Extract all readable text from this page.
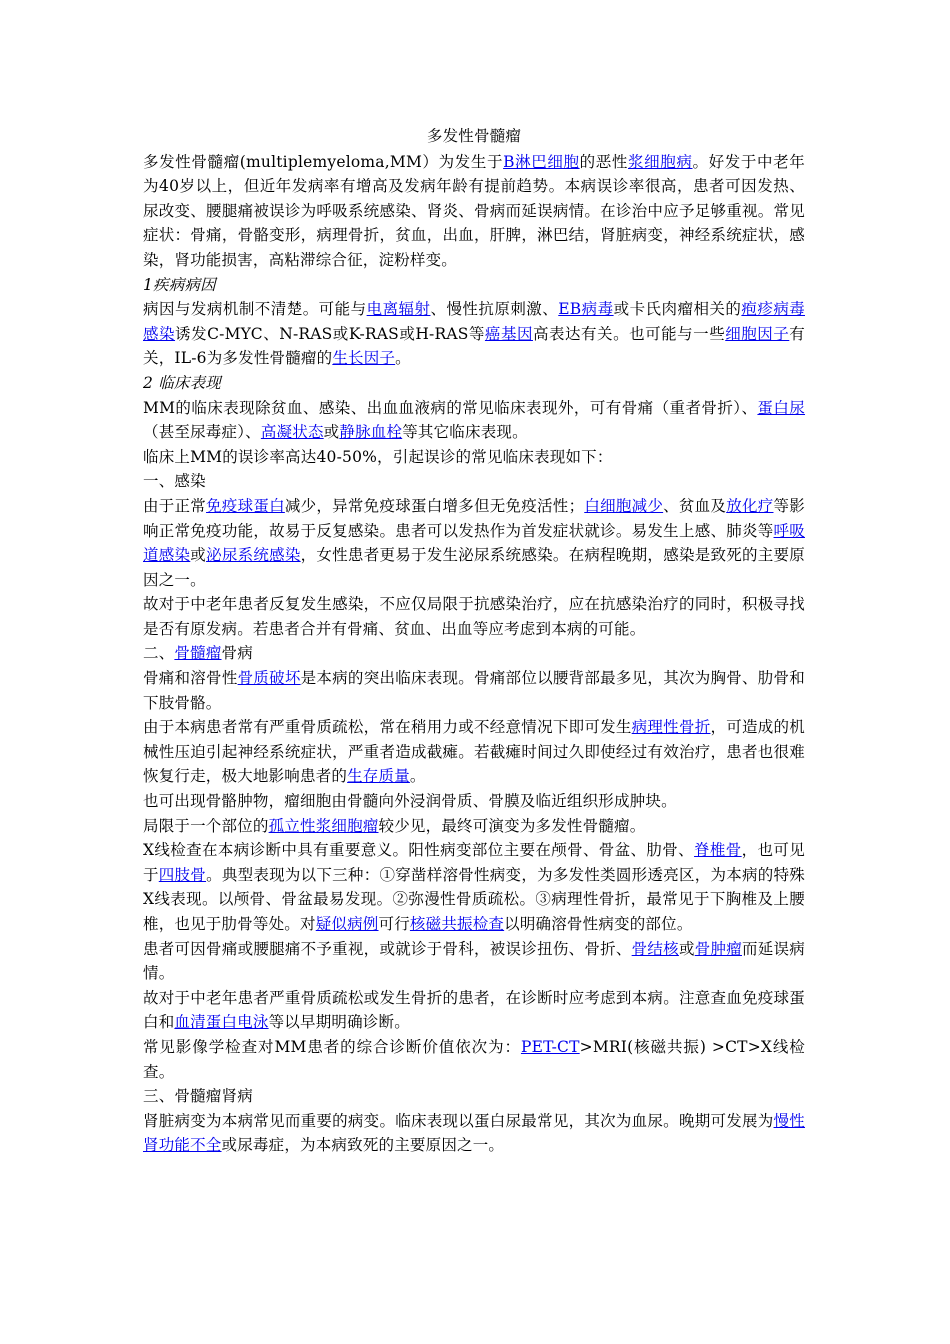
多发性骨髓瘤

多发性骨髓瘤(multiplemyeloma,MM）为发生于B淋巴细胞的恶性浆细胞病。好发于中老年为40岁以上，但近年发病率有增高及发病年龄有提前趋势。本病误诊率很高，患者可因发热、尿改变、腰腿痛被误诊为呼吸系统感染、肾炎、骨病而延误病情。在诊治中应予足够重视。常见症状：骨痛，骨骼变形，病理骨折，贫血，出血，肝脾，淋巴结，肾脏病变，神经系统症状，感染，肾功能损害，高粘滞综合征，淀粉样变。

1疾病病因

病因与发病机制不清楚。可能与电离辐射、慢性抗原刺激、EB病毒或卡氏肉瘤相关的疱疹病毒感染诱发C-MYC、N-RAS或K-RAS或H-RAS等癌基因高表达有关。也可能与一些细胞因子有关，IL-6为多发性骨髓瘤的生长因子。

2 临床表现

MM的临床表现除贫血、感染、出血血液病的常见临床表现外，可有骨痛（重者骨折）、蛋白尿（甚至尿毒症）、高凝状态或静脉血栓等其它临床表现。

临床上MM的误诊率高达40-50%，引起误诊的常见临床表现如下：

一、感染

由于正常免疫球蛋白减少，异常免疫球蛋白增多但无免疫活性；白细胞减少、贫血及放化疗等影响正常免疫功能，故易于反复感染。患者可以发热作为首发症状就诊。易发生上感、肺炎等呼吸道感染或泌尿系统感染，女性患者更易于发生泌尿系统感染。在病程晚期，感染是致死的主要原因之一。

故对于中老年患者反复发生感染，不应仅局限于抗感染治疗，应在抗感染治疗的同时，积极寻找是否有原发病。若患者合并有骨痛、贫血、出血等应考虑到本病的可能。

二、骨髓瘤骨病

骨痛和溶骨性骨质破坏是本病的突出临床表现。骨痛部位以腰背部最多见，其次为胸骨、肋骨和下肢骨骼。

由于本病患者常有严重骨质疏松，常在稍用力或不经意情况下即可发生病理性骨折，可造成的机械性压迫引起神经系统症状，严重者造成截瘫。若截瘫时间过久即使经过有效治疗，患者也很难恢复行走，极大地影响患者的生存质量。

也可出现骨骼肿物，瘤细胞由骨髓向外浸润骨质、骨膜及临近组织形成肿块。

局限于一个部位的孤立性浆细胞瘤较少见，最终可演变为多发性骨髓瘤。

X线检查在本病诊断中具有重要意义。阳性病变部位主要在颅骨、骨盆、肋骨、脊椎骨，也可见于四肢骨。典型表现为以下三种：①穿凿样溶骨性病变，为多发性类圆形透亮区，为本病的特殊X线表现。以颅骨、骨盆最易发现。②弥漫性骨质疏松。③病理性骨折，最常见于下胸椎及上腰椎，也见于肋骨等处。对疑似病例可行核磁共振检查以明确溶骨性病变的部位。

患者可因骨痛或腰腿痛不予重视，或就诊于骨科，被误诊扭伤、骨折、骨结核或骨肿瘤而延误病情。

故对于中老年患者严重骨质疏松或发生骨折的患者，在诊断时应考虑到本病。注意查血免疫球蛋白和血清蛋白电泳等以早期明确诊断。

常见影像学检查对MM患者的综合诊断价值依次为：PET-CT>MRI(核磁共振) >CT>X线检查。

三、骨髓瘤肾病

肾脏病变为本病常见而重要的病变。临床表现以蛋白尿最常见，其次为血尿。晚期可发展为慢性肾功能不全或尿毒症，为本病致死的主要原因之一。
